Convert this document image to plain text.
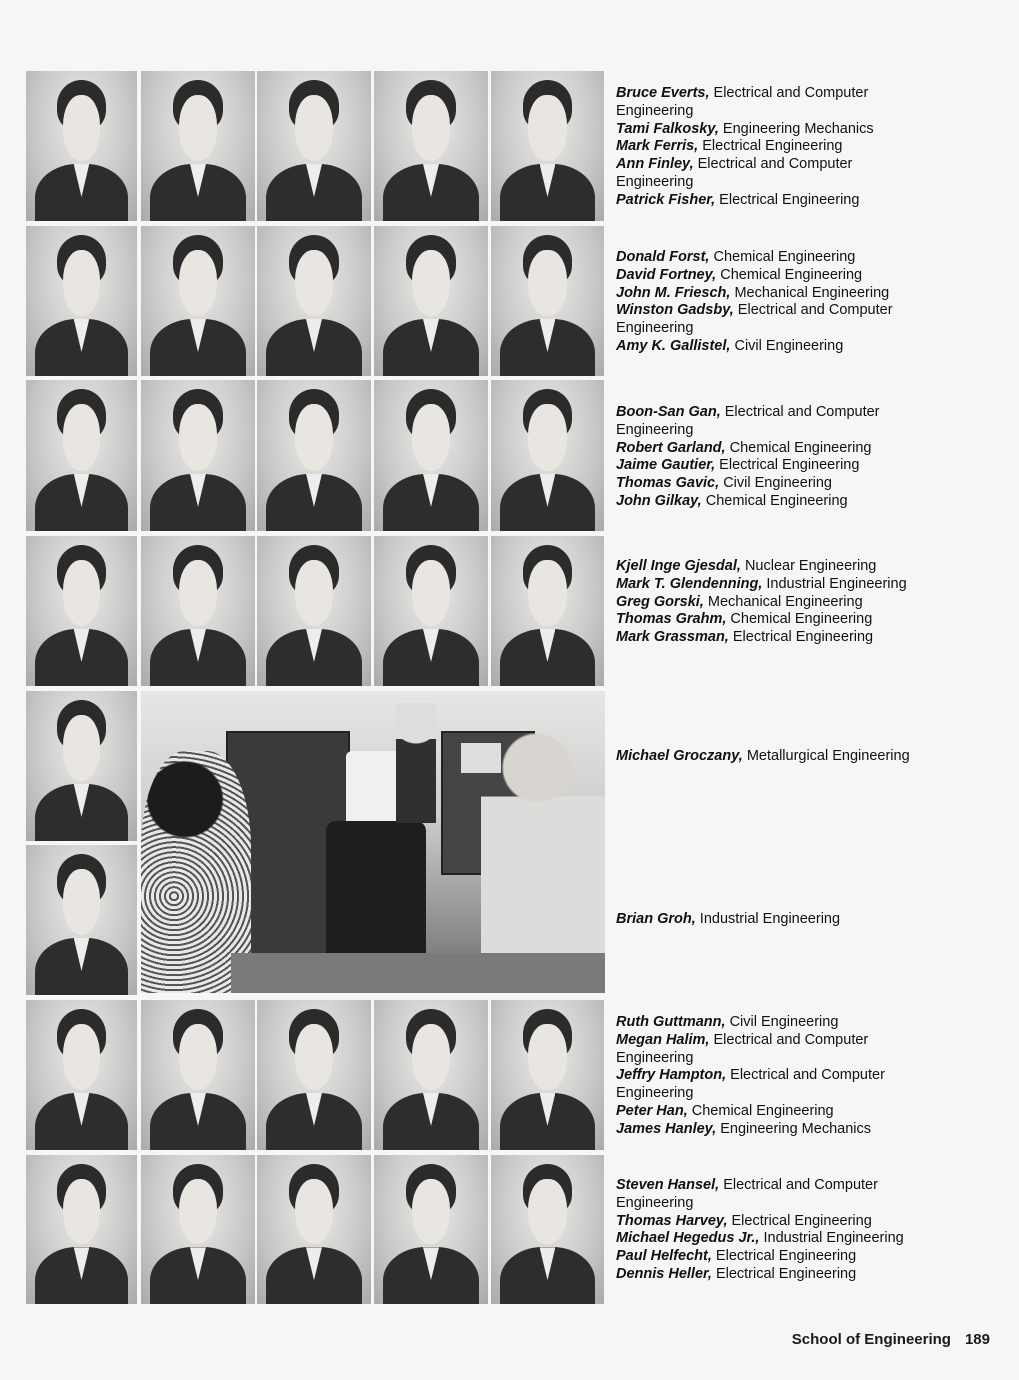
Bruce Everts, Electrical and Computer Engineering

Tami Falkosky, Engineering Mechanics

Mark Ferris, Electrical Engineering

Ann Finley, Electrical and Computer Engineering

Patrick Fisher, Electrical Engineering

Donald Forst, Chemical Engineering

David Fortney, Chemical Engineering

John M. Friesch, Mechanical Engineering

Winston Gadsby, Electrical and Computer Engineering

Amy K. Gallistel, Civil Engineering

Boon-San Gan, Electrical and Computer Engineering

Robert Garland, Chemical Engineering

Jaime Gautier, Electrical Engineering

Thomas Gavic, Civil Engineering

John Gilkay, Chemical Engineering

Kjell Inge Gjesdal, Nuclear Engineering

Mark T. Glendenning, Industrial Engineering

Greg Gorski, Mechanical Engineering

Thomas Grahm, Chemical Engineering

Mark Grassman, Electrical Engineering

Michael Groczany, Metallurgical Engineering

Brian Groh, Industrial Engineering

Ruth Guttmann, Civil Engineering

Megan Halim, Electrical and Computer Engineering

Jeffry Hampton, Electrical and Computer Engineering

Peter Han, Chemical Engineering

James Hanley, Engineering Mechanics

Steven Hansel, Electrical and Computer Engineering

Thomas Harvey, Electrical Engineering

Michael Hegedus Jr., Industrial Engineering

Paul Helfecht, Electrical Engineering

Dennis Heller, Electrical Engineering

School of Engineering 189
